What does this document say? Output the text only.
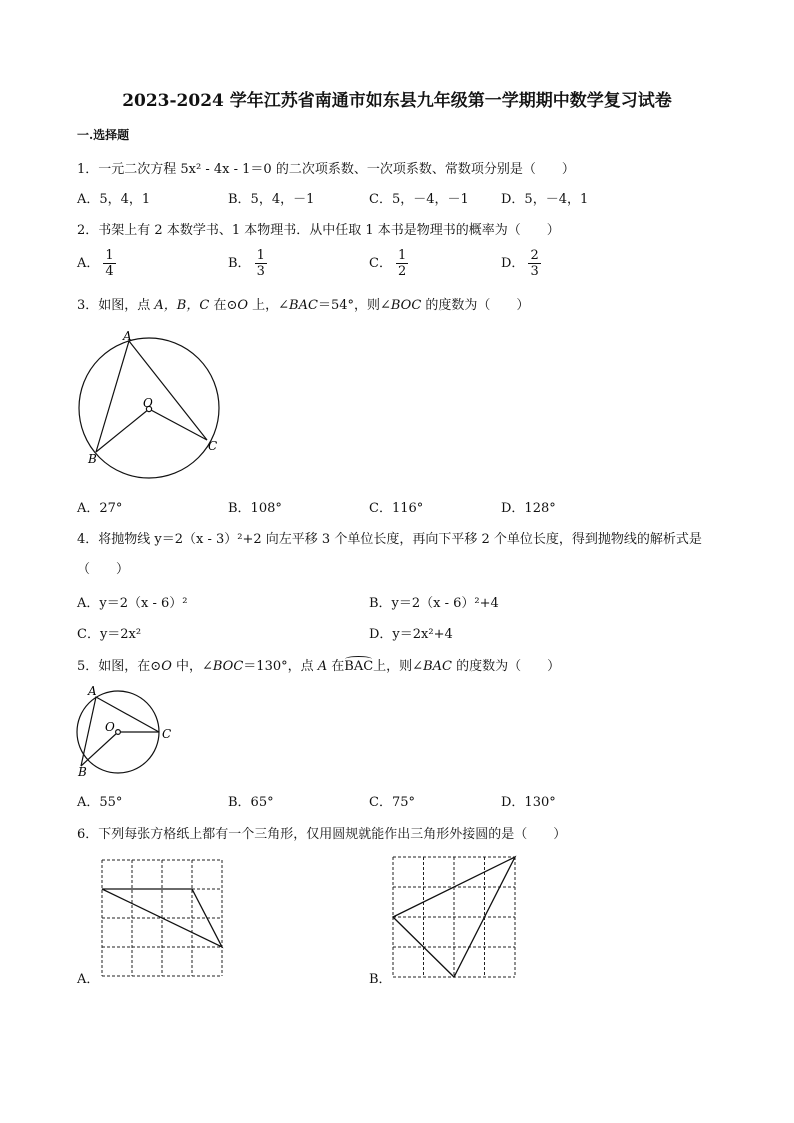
2023-2024 学年江苏省南通市如东县九年级第一学期期中数学复习试卷
一.选择题
1．一元二次方程 5x² - 4x - 1＝0 的二次项系数、一次项系数、常数项分别是（　　）
A．5，4，1	B．5，4，－1	C．5，－4，－1 D．5，－4，1
2．书架上有 2 本数学书、1 本物理书．从中任取 1 本书是物理书的概率为（　　）
A． $\frac{1}{4}$	B． $\frac{1}{3}$	C． $\frac{1}{2}$	D． $\frac{2}{3}$
3．如图，点 A，B，C 在⊙O 上，∠BAC＝54°，则∠BOC 的度数为（　　）
A
O
C
B
A．27°	B．108°	C．116°	D．128°
4．将抛物线 y＝2（x - 3）²+2 向左平移 3 个单位长度，再向下平移 2 个单位长度，得到抛物线的解析式是
（　　）
A．y＝2（x - 6）²	B．y＝2（x - 6）²+4
C．y＝2x²	D．y＝2x²+4
5．如图，在⊙O 中，∠BOC＝130°，点 A 在BAC上，则∠BAC 的度数为（　　）
A
O	C
B
A．55°	B．65°	C．75°	D．130°
6．下列每张方格纸上都有一个三角形，仅用圆规就能作出三角形外接圆的是（　　）
A．	B．
